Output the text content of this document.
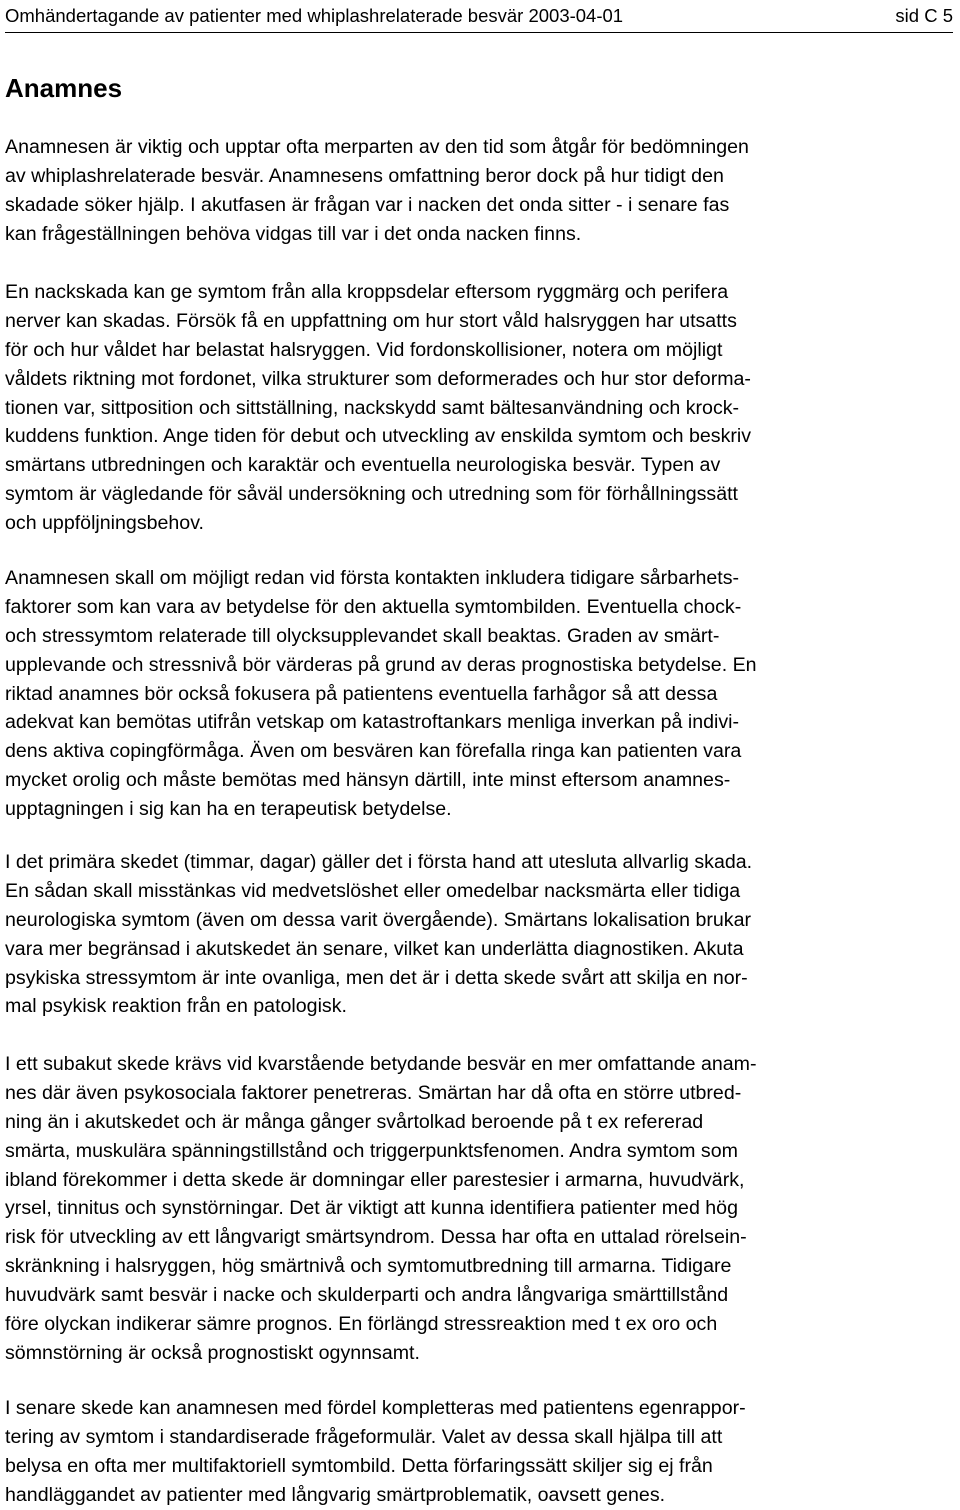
Omhändertagande av patienter med whiplashrelaterade besvär 2003-04-01	sid C 5
Anamnes

Anamnesen är viktig och upptar ofta merparten av den tid som åtgår för bedömningen
av whiplashrelaterade besvär. Anamnesens omfattning beror dock på hur tidigt den
skadade söker hjälp. I akutfasen är frågan var i nacken det onda sitter - i senare fas
kan frågeställningen behöva vidgas till var i det onda nacken finns.

En nackskada kan ge symtom från alla kroppsdelar eftersom ryggmärg och perifera
nerver kan skadas. Försök få en uppfattning om hur stort våld halsryggen har utsatts
för och hur våldet har belastat halsryggen. Vid fordonskollisioner, notera om möjligt
våldets riktning mot fordonet, vilka strukturer som deformerades och hur stor deforma-
tionen var, sittposition och sittställning, nackskydd samt bältesanvändning och krock-
kuddens funktion. Ange tiden för debut och utveckling av enskilda symtom och beskriv
smärtans utbredningen och karaktär och eventuella neurologiska besvär. Typen av
symtom är vägledande för såväl undersökning och utredning som för förhållningssätt
och uppföljningsbehov.

Anamnesen skall om möjligt redan vid första kontakten inkludera tidigare sårbarhets-
faktorer som kan vara av betydelse för den aktuella symtombilden. Eventuella chock-
och stressymtom relaterade till olycksupplevandet skall beaktas. Graden av smärt-
upplevande och stressnivå bör värderas på grund av deras prognostiska betydelse. En
riktad anamnes bör också fokusera på patientens eventuella farhågor så att dessa
adekvat kan bemötas utifrån vetskap om katastroftankars menliga inverkan på indivi-
dens aktiva copingförmåga. Även om besvären kan förefalla ringa kan patienten vara
mycket orolig och måste bemötas med hänsyn därtill, inte minst eftersom anamnes-
upptagningen i sig kan ha en terapeutisk betydelse.

I det primära skedet (timmar, dagar) gäller det i första hand att utesluta allvarlig skada.
En sådan skall misstänkas vid medvetslöshet eller omedelbar nacksmärta eller tidiga
neurologiska symtom (även om dessa varit övergående). Smärtans lokalisation brukar
vara mer begränsad i akutskedet än senare, vilket kan underlätta diagnostiken. Akuta
psykiska stressymtom är inte ovanliga, men det är i detta skede svårt att skilja en nor-
mal psykisk reaktion från en patologisk.

I ett subakut skede krävs vid kvarstående betydande besvär en mer omfattande anam-
nes där även psykosociala faktorer penetreras. Smärtan har då ofta en större utbred-
ning än i akutskedet och är många gånger svårtolkad beroende på t ex refererad
smärta, muskulära spänningstillstånd och triggerpunktsfenomen. Andra symtom som
ibland förekommer i detta skede är domningar eller parestesier i armarna, huvudvärk,
yrsel, tinnitus och synstörningar. Det är viktigt att kunna identifiera patienter med hög
risk för utveckling av ett långvarigt smärtsyndrom. Dessa har ofta en uttalad rörelsein-
skränkning i halsryggen, hög smärtnivå och symtomutbredning till armarna. Tidigare
huvudvärk samt besvär i nacke och skulderparti och andra långvariga smärttillstånd
före olyckan indikerar sämre prognos. En förlängd stressreaktion med t ex oro och
sömnstörning är också prognostiskt ogynnsamt.

I senare skede kan anamnesen med fördel kompletteras med patientens egenrappor-
tering av symtom i standardiserade frågeformulär. Valet av dessa skall hjälpa till att
belysa en ofta mer multifaktoriell symtombild. Detta förfaringssätt skiljer sig ej från
handläggandet av patienter med långvarig smärtproblematik, oavsett genes.
